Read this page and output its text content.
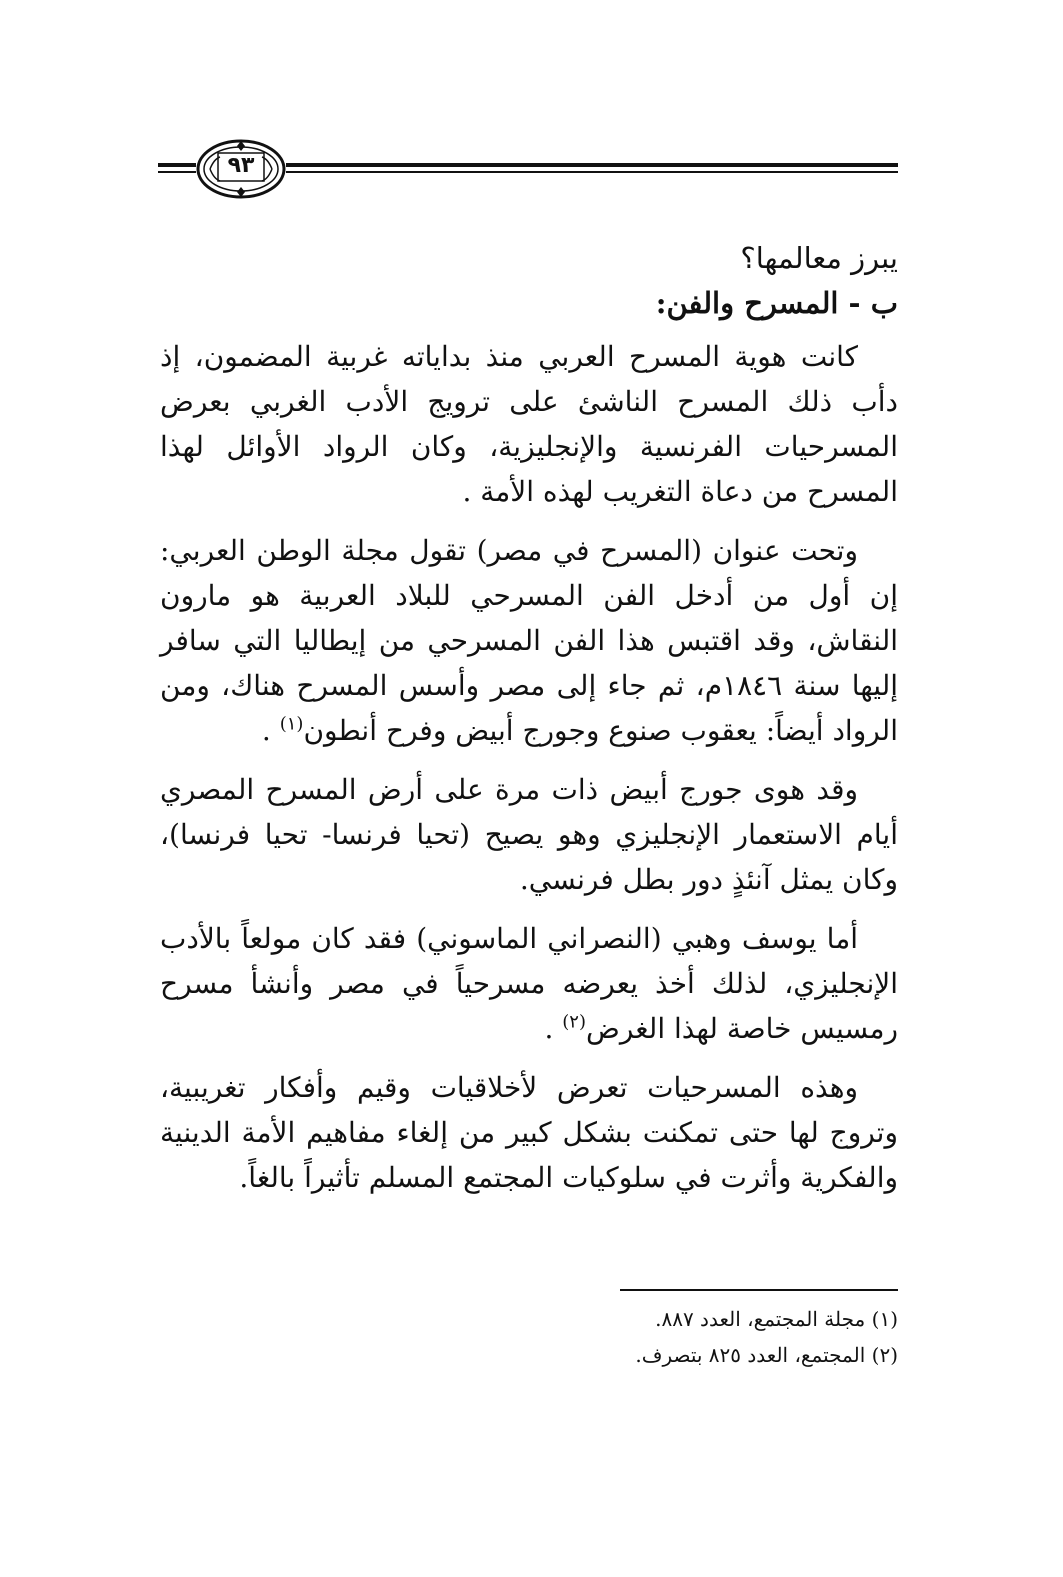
٩٣

يبرز معالمها؟

ب - المسرح والفن:

كانت هوية المسرح العربي منذ بداياته غربية المضمون، إذ دأب ذلك المسرح الناشئ على ترويج الأدب الغربي بعرض المسرحيات الفرنسية والإنجليزية، وكان الرواد الأوائل لهذا المسرح من دعاة التغريب لهذه الأمة .

وتحت عنوان (المسرح في مصر) تقول مجلة الوطن العربي: إن أول من أدخل الفن المسرحي للبلاد العربية هو مارون النقاش، وقد اقتبس هذا الفن المسرحي من إيطاليا التي سافر إليها سنة ١٨٤٦م، ثم جاء إلى مصر وأسس المسرح هناك، ومن الرواد أيضاً: يعقوب صنوع وجورج أبيض وفرح أنطون$^{(١)}$ .

وقد هوى جورج أبيض ذات مرة على أرض المسرح المصري أيام الاستعمار الإنجليزي وهو يصيح (تحيا فرنسا- تحيا فرنسا)، وكان يمثل آنئذٍ دور بطل فرنسي.

أما يوسف وهبي (النصراني الماسوني) فقد كان مولعاً بالأدب الإنجليزي، لذلك أخذ يعرضه مسرحياً في مصر وأنشأ مسرح رمسيس خاصة لهذا الغرض$^{(٢)}$ .

وهذه المسرحيات تعرض لأخلاقيات وقيم وأفكار تغريبية، وتروج لها حتى تمكنت بشكل كبير من إلغاء مفاهيم الأمة الدينية والفكرية وأثرت في سلوكيات المجتمع المسلم تأثيراً بالغاً.

(١) مجلة المجتمع، العدد ٨٨٧.

(٢) المجتمع، العدد ٨٢٥ بتصرف.
